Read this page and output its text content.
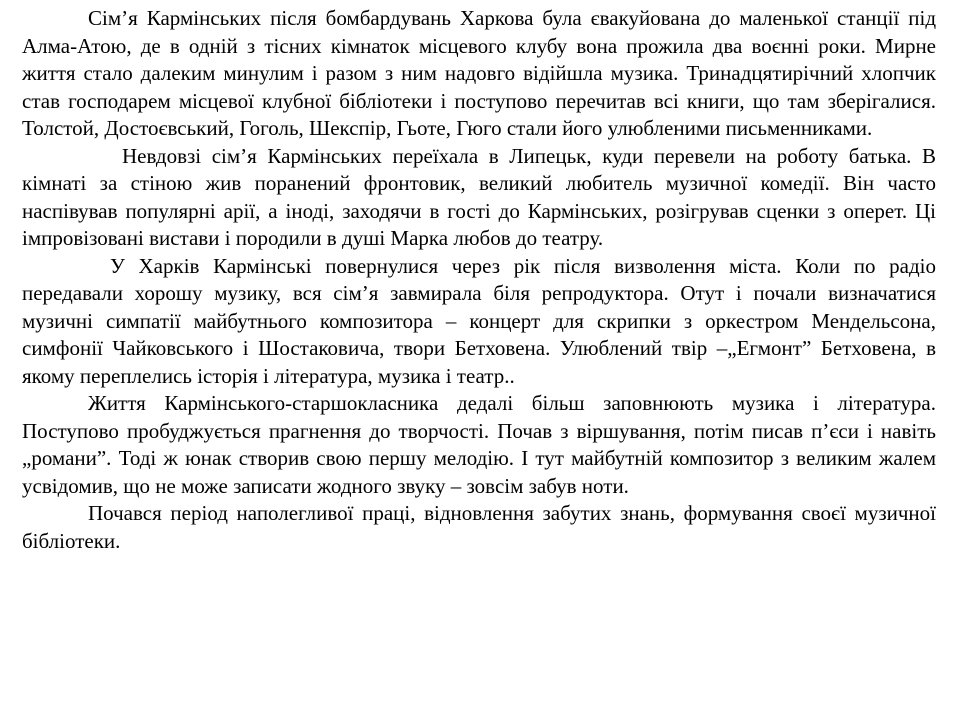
Сім’я Кармінських після бомбардувань Харкова була євакуйована до маленької станції під Алма-Атою, де в одній з тісних кімнаток місцевого клубу вона прожила два воєнні роки. Мирне життя стало далеким минулим і разом з ним надовго відійшла музика. Тринадцятирічний хлопчик став господарем місцевої клубної бібліотеки і поступово перечитав всі книги, що там зберігалися. Толстой, Достоєвський, Гоголь, Шекспір, Гьоте, Гюго стали його улюбленими письменниками.

Невдовзі сім’я Кармінських переїхала в Липецьк, куди перевели на роботу батька. В кімнаті за стіною жив поранений фронтовик, великий любитель музичної комедії. Він часто наспівував популярні арії, а іноді, заходячи в гості до Кармінських, розігрував сценки з оперет. Ці імпровізовані вистави і породили в душі Марка любов до театру.

У Харків Кармінські повернулися через рік після визволення міста. Коли по радіо передавали хорошу музику, вся сім’я завмирала біля репродуктора. Отут і почали визначатися музичні симпатії майбутнього композитора – концерт для скрипки з оркестром Мендельсона, симфонії Чайковського і Шостаковича, твори Бетховена. Улюблений твір –„Егмонт” Бетховена, в якому переплелись історія і література, музика і театр..

Життя Кармінського-старшокласника дедалі більш заповнюють музика і література. Поступово пробуджується прагнення до творчості. Почав з віршування, потім писав п’єси і навіть „романи”. Тоді ж юнак створив свою першу мелодію. І тут майбутній композитор з великим жалем усвідомив, що не може записати жодного звуку – зовсім забув ноти.

Почався період наполегливої праці, відновлення забутих знань, формування своєї музичної бібліотеки.
